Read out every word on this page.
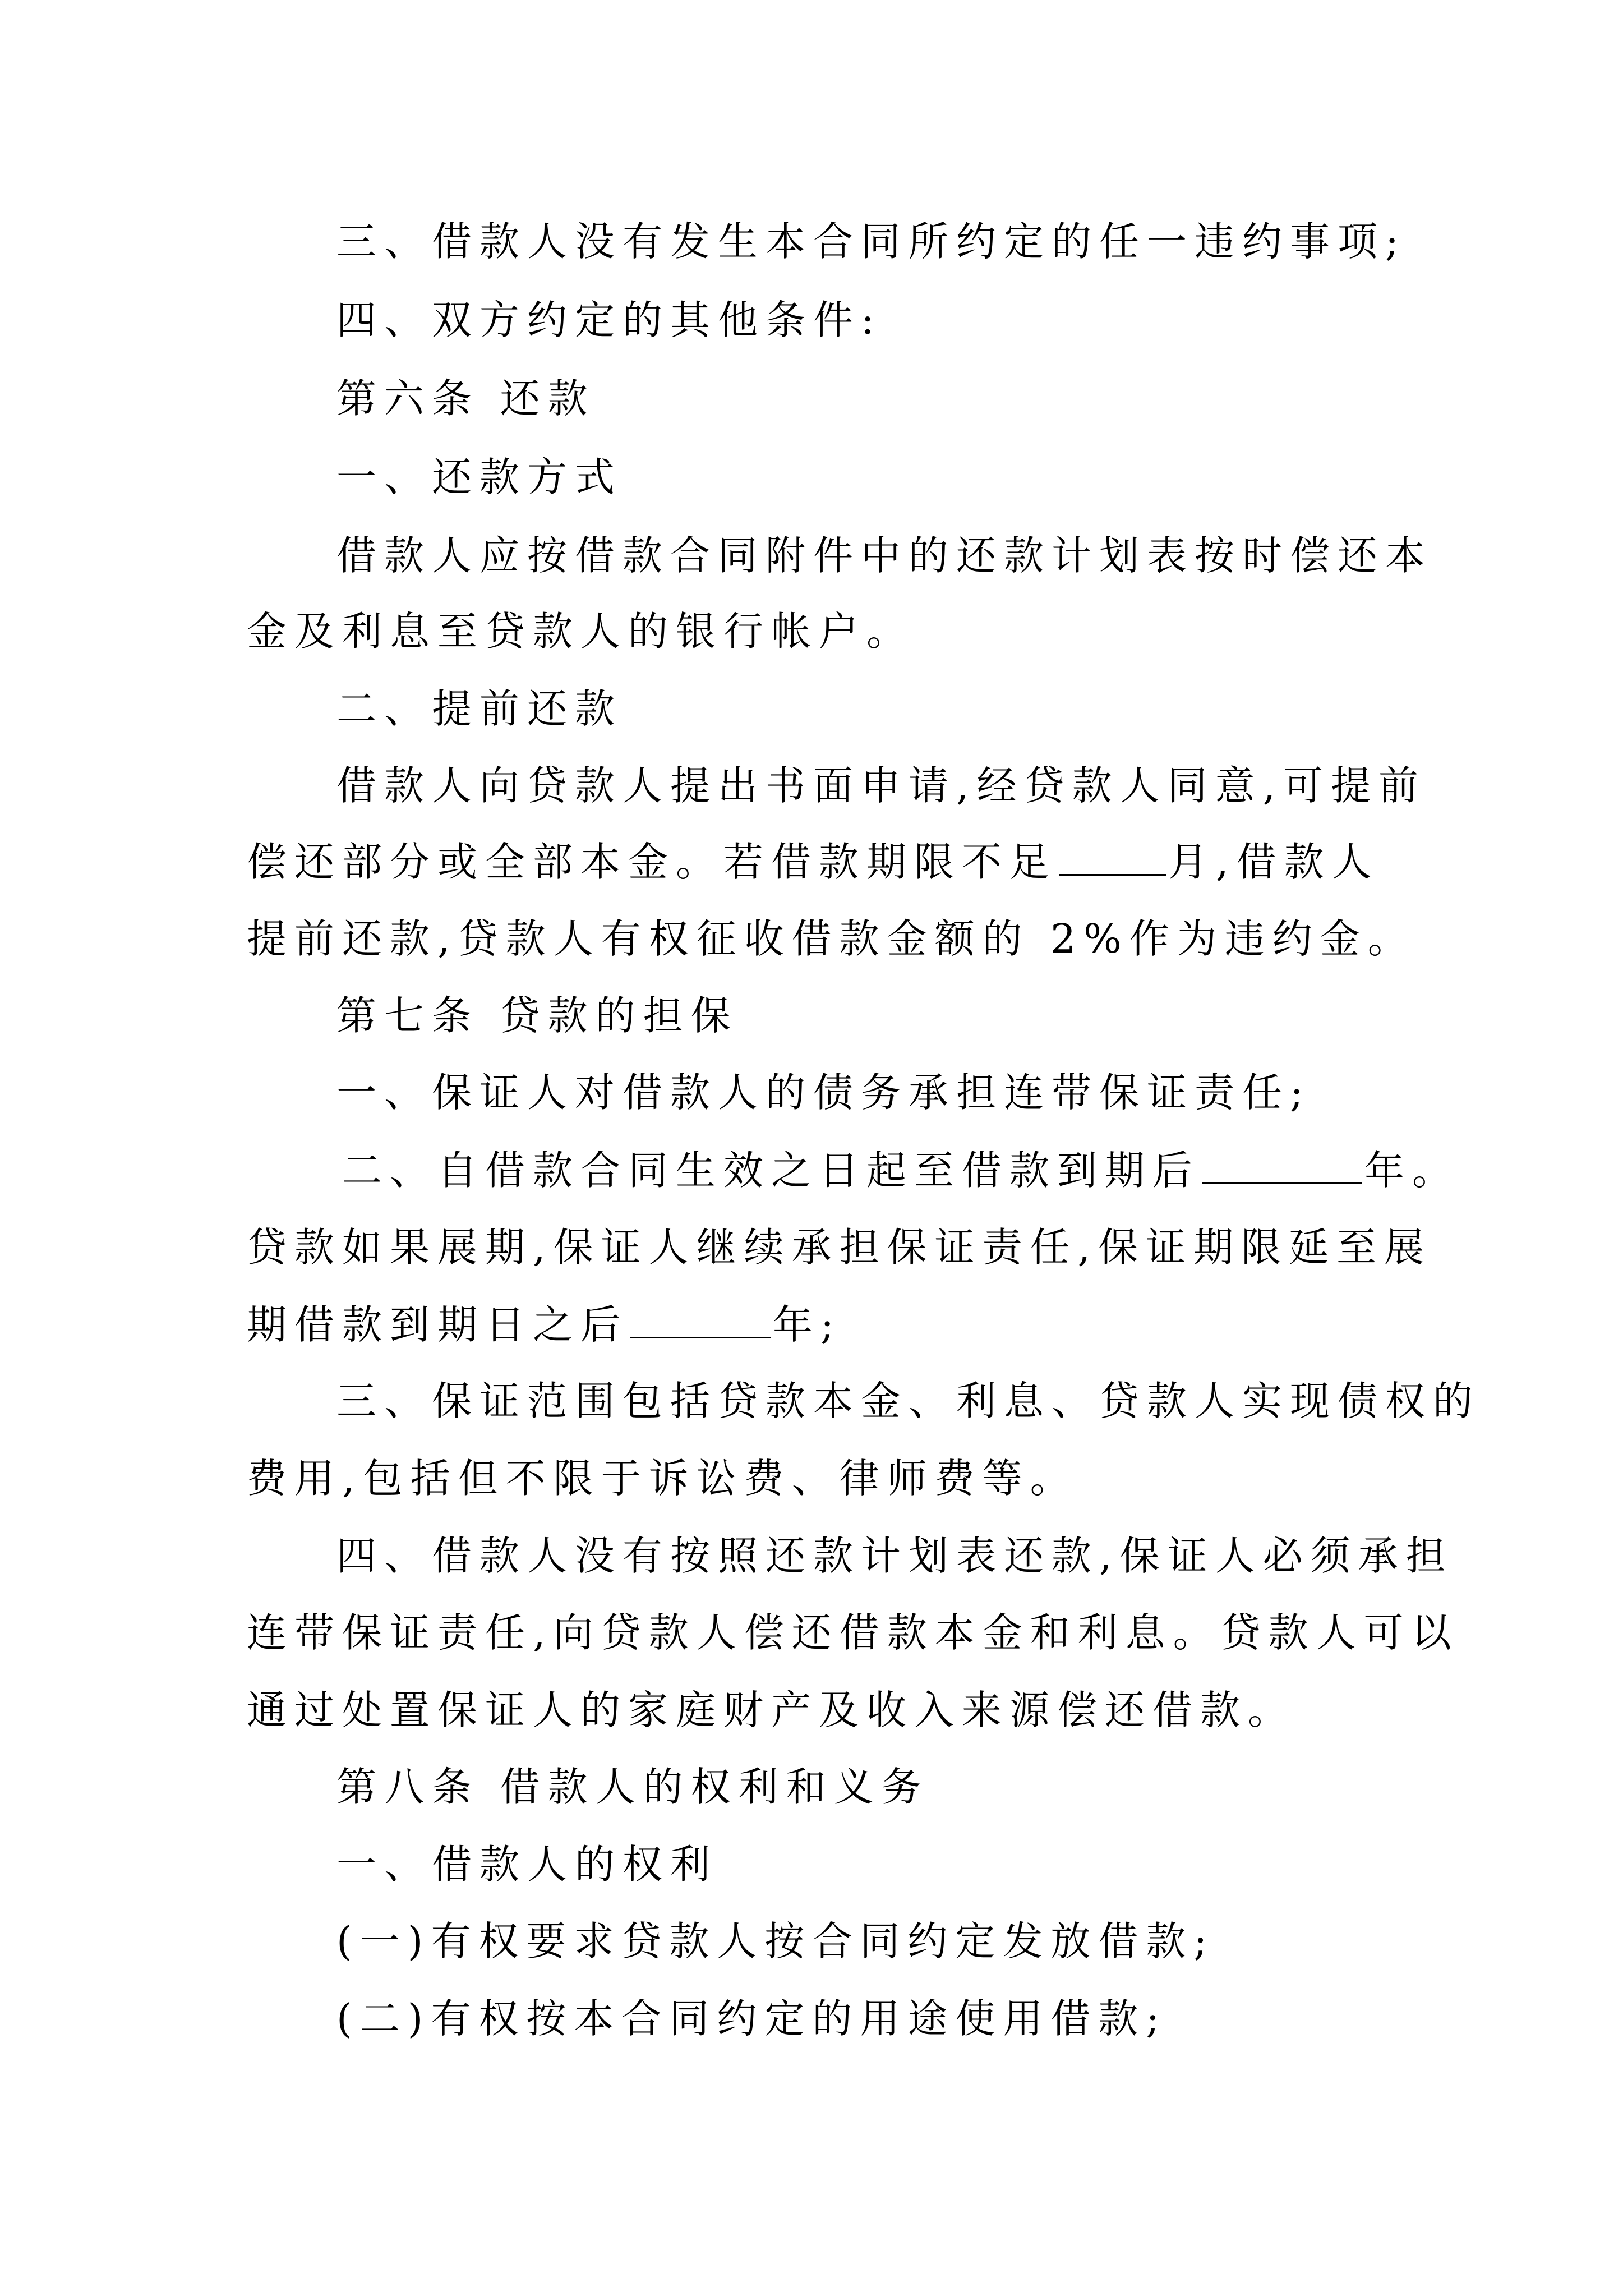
三、借款人没有发生本合同所约定的任一违约事项;
四、双方约定的其他条件:
第六条 还款
一、还款方式
借款人应按借款合同附件中的还款计划表按时偿还本
金及利息至贷款人的银行帐户。
二、提前还款
借款人向贷款人提出书面申请,经贷款人同意,可提前
偿还部分或全部本金。若借款期限不足	月,借款人
提前还款,贷款人有权征收借款金额的 2%作为违约金。
第七条 贷款的担保
一、保证人对借款人的债务承担连带保证责任;
二、自借款合同生效之日起至借款到期后	年。
贷款如果展期,保证人继续承担保证责任,保证期限延至展
期借款到期日之后	年;
三、保证范围包括贷款本金、利息、贷款人实现债权的
费用,包括但不限于诉讼费、律师费等。
四、借款人没有按照还款计划表还款,保证人必须承担
连带保证责任,向贷款人偿还借款本金和利息。贷款人可以
通过处置保证人的家庭财产及收入来源偿还借款。
第八条 借款人的权利和义务
一、借款人的权利
(一)有权要求贷款人按合同约定发放借款;
(二)有权按本合同约定的用途使用借款;
